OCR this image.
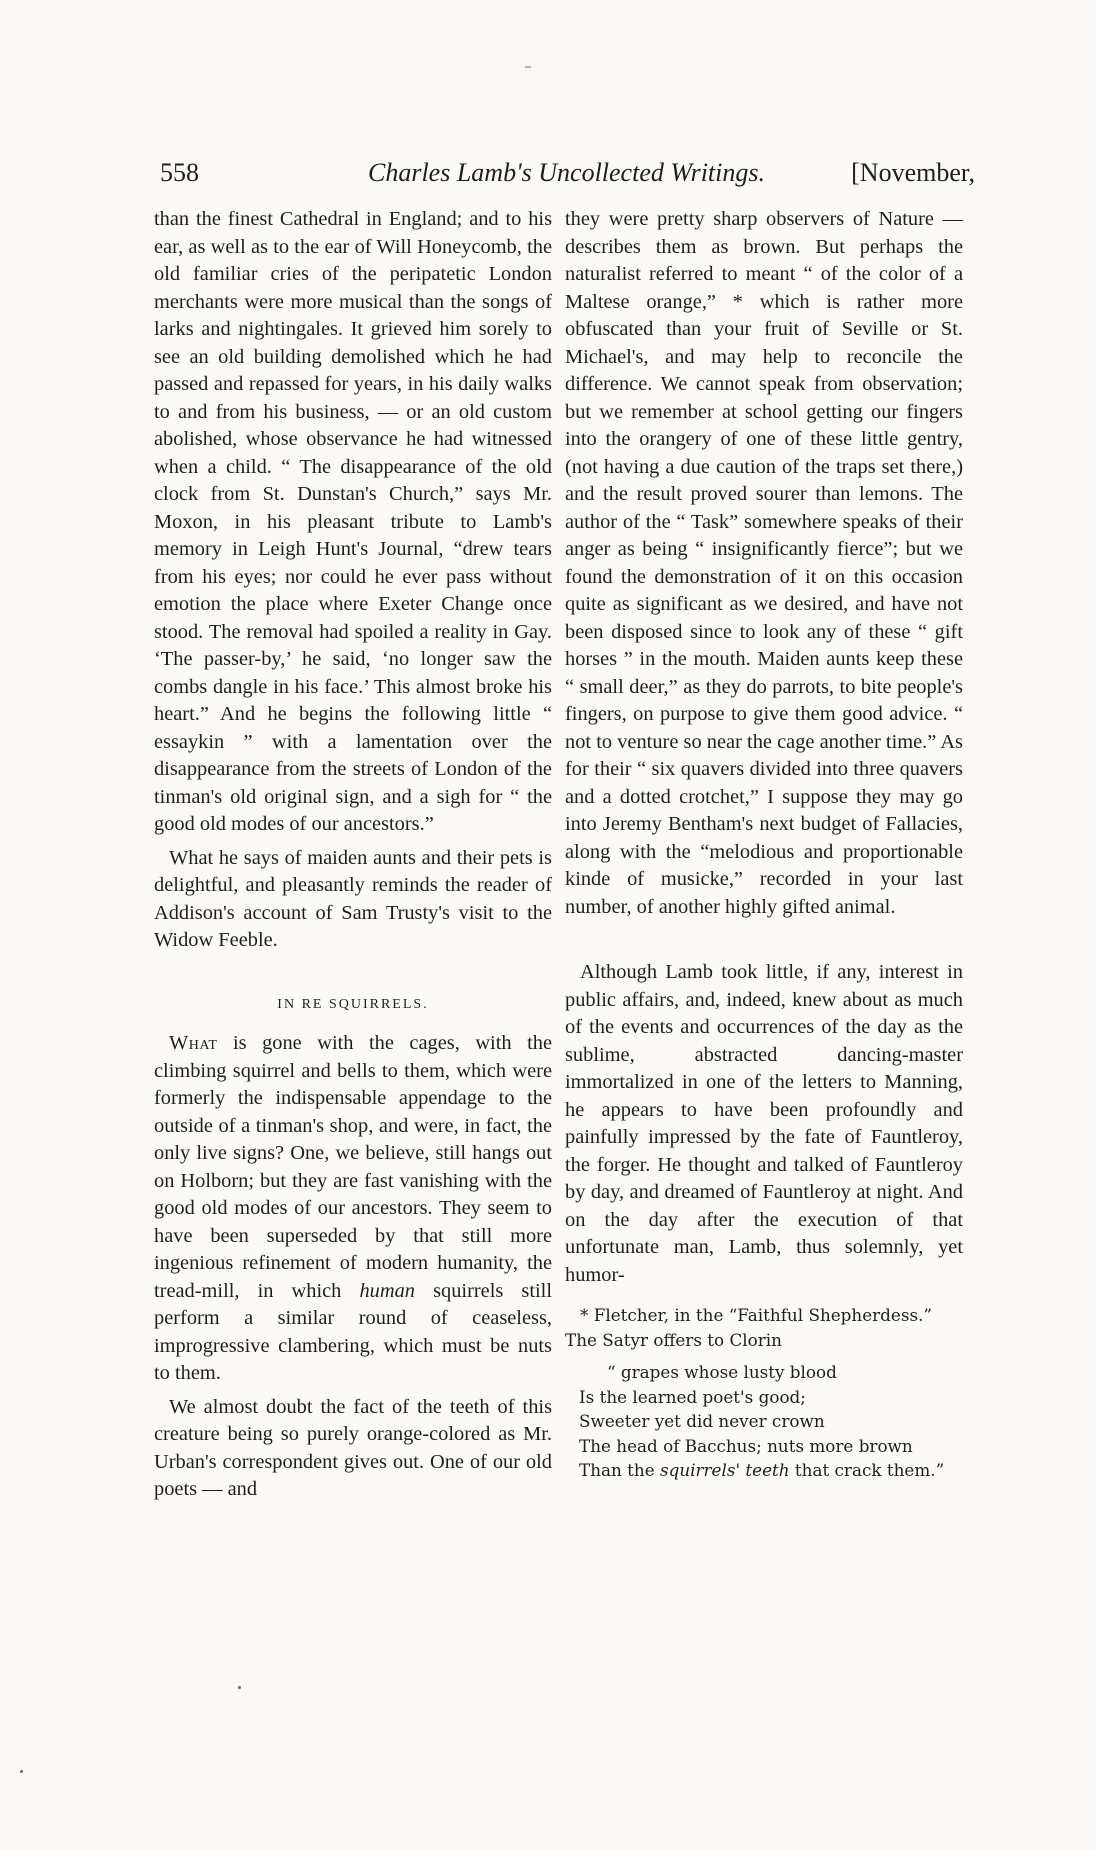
558	Charles Lamb's Uncollected Writings.	[November,

than the finest Cathedral in England; and to his ear, as well as to the ear of Will Honeycomb, the old familiar cries of the peripatetic London merchants were more musical than the songs of larks and nightingales. It grieved him sorely to see an old building demolished which he had passed and repassed for years, in his daily walks to and from his business, — or an old custom abolished, whose observance he had witnessed when a child. “ The disappearance of the old clock from St. Dunstan's Church,” says Mr. Moxon, in his pleasant tribute to Lamb's memory in Leigh Hunt's Journal, “drew tears from his eyes; nor could he ever pass without emotion the place where Exeter Change once stood. The removal had spoiled a reality in Gay. ‘The passer-by,’ he said, ‘no longer saw the combs dangle in his face.’ This almost broke his heart.” And he begins the following little “ essaykin ” with a lamentation over the disappearance from the streets of London of the tinman's old original sign, and a sigh for “ the good old modes of our ancestors.”

What he says of maiden aunts and their pets is delightful, and pleasantly reminds the reader of Addison's account of Sam Trusty's visit to the Widow Feeble.

IN RE SQUIRRELS.

What is gone with the cages, with the climbing squirrel and bells to them, which were formerly the indispensable appendage to the outside of a tinman's shop, and were, in fact, the only live signs? One, we believe, still hangs out on Holborn; but they are fast vanishing with the good old modes of our ancestors. They seem to have been superseded by that still more ingenious refinement of modern humanity, the tread-mill, in which human squirrels still perform a similar round of ceaseless, improgressive clambering, which must be nuts to them.

We almost doubt the fact of the teeth of this creature being so purely orange-colored as Mr. Urban's correspondent gives out. One of our old poets — and

they were pretty sharp observers of Nature — describes them as brown. But perhaps the naturalist referred to meant “ of the color of a Maltese orange,” * which is rather more obfuscated than your fruit of Seville or St. Michael's, and may help to reconcile the difference. We cannot speak from observation; but we remember at school getting our fingers into the orangery of one of these little gentry, (not having a due caution of the traps set there,) and the result proved sourer than lemons. The author of the “ Task” somewhere speaks of their anger as being “ insignificantly fierce”; but we found the demonstration of it on this occasion quite as significant as we desired, and have not been disposed since to look any of these “ gift horses ” in the mouth. Maiden aunts keep these “ small deer,” as they do parrots, to bite people's fingers, on purpose to give them good advice. “ not to venture so near the cage another time.” As for their “ six quavers divided into three quavers and a dotted crotchet,” I suppose they may go into Jeremy Bentham's next budget of Fallacies, along with the “melodious and proportionable kinde of musicke,” recorded in your last number, of another highly gifted animal.

Although Lamb took little, if any, interest in public affairs, and, indeed, knew about as much of the events and occurrences of the day as the sublime, abstracted dancing-master immortalized in one of the letters to Manning, he appears to have been profoundly and painfully impressed by the fate of Fauntleroy, the forger. He thought and talked of Fauntleroy by day, and dreamed of Fauntleroy at night. And on the day after the execution of that unfortunate man, Lamb, thus solemnly, yet humor-

* Fletcher, in the “Faithful Shepherdess.” The Satyr offers to Clorin

“ grapes whose lusty blood
Is the learned poet's good;
Sweeter yet did never crown
The head of Bacchus; nuts more brown
Than the squirrels' teeth that crack them.”
